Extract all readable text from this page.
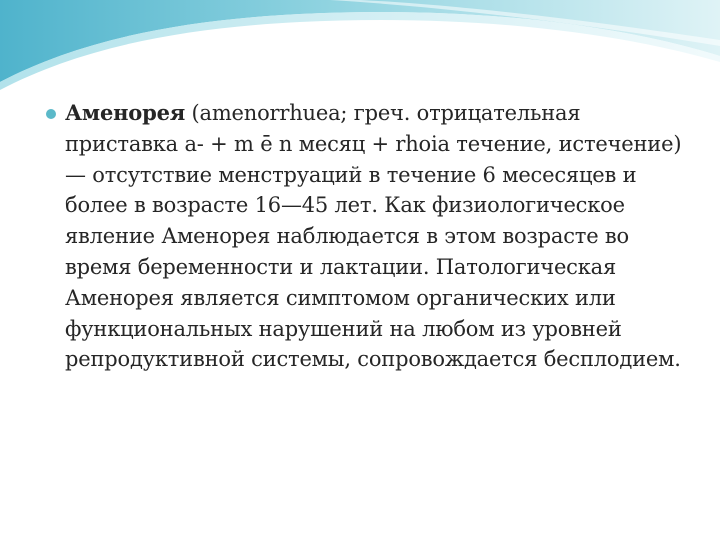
Аменорея (amenorrhuea; греч. отрицательная приставка а- + m ē n месяц + rhoia течение, истечение) — отсутствие менструаций в течение 6 месесяцев и более в возрасте 16—45 лет. Как физиологическое явление Аменорея наблюдается в этом возрасте во время беременности и лактации. Патологическая Аменорея является симптомом органических или функциональных нарушений на любом из уровней репродуктивной системы, сопровождается бесплодием.
